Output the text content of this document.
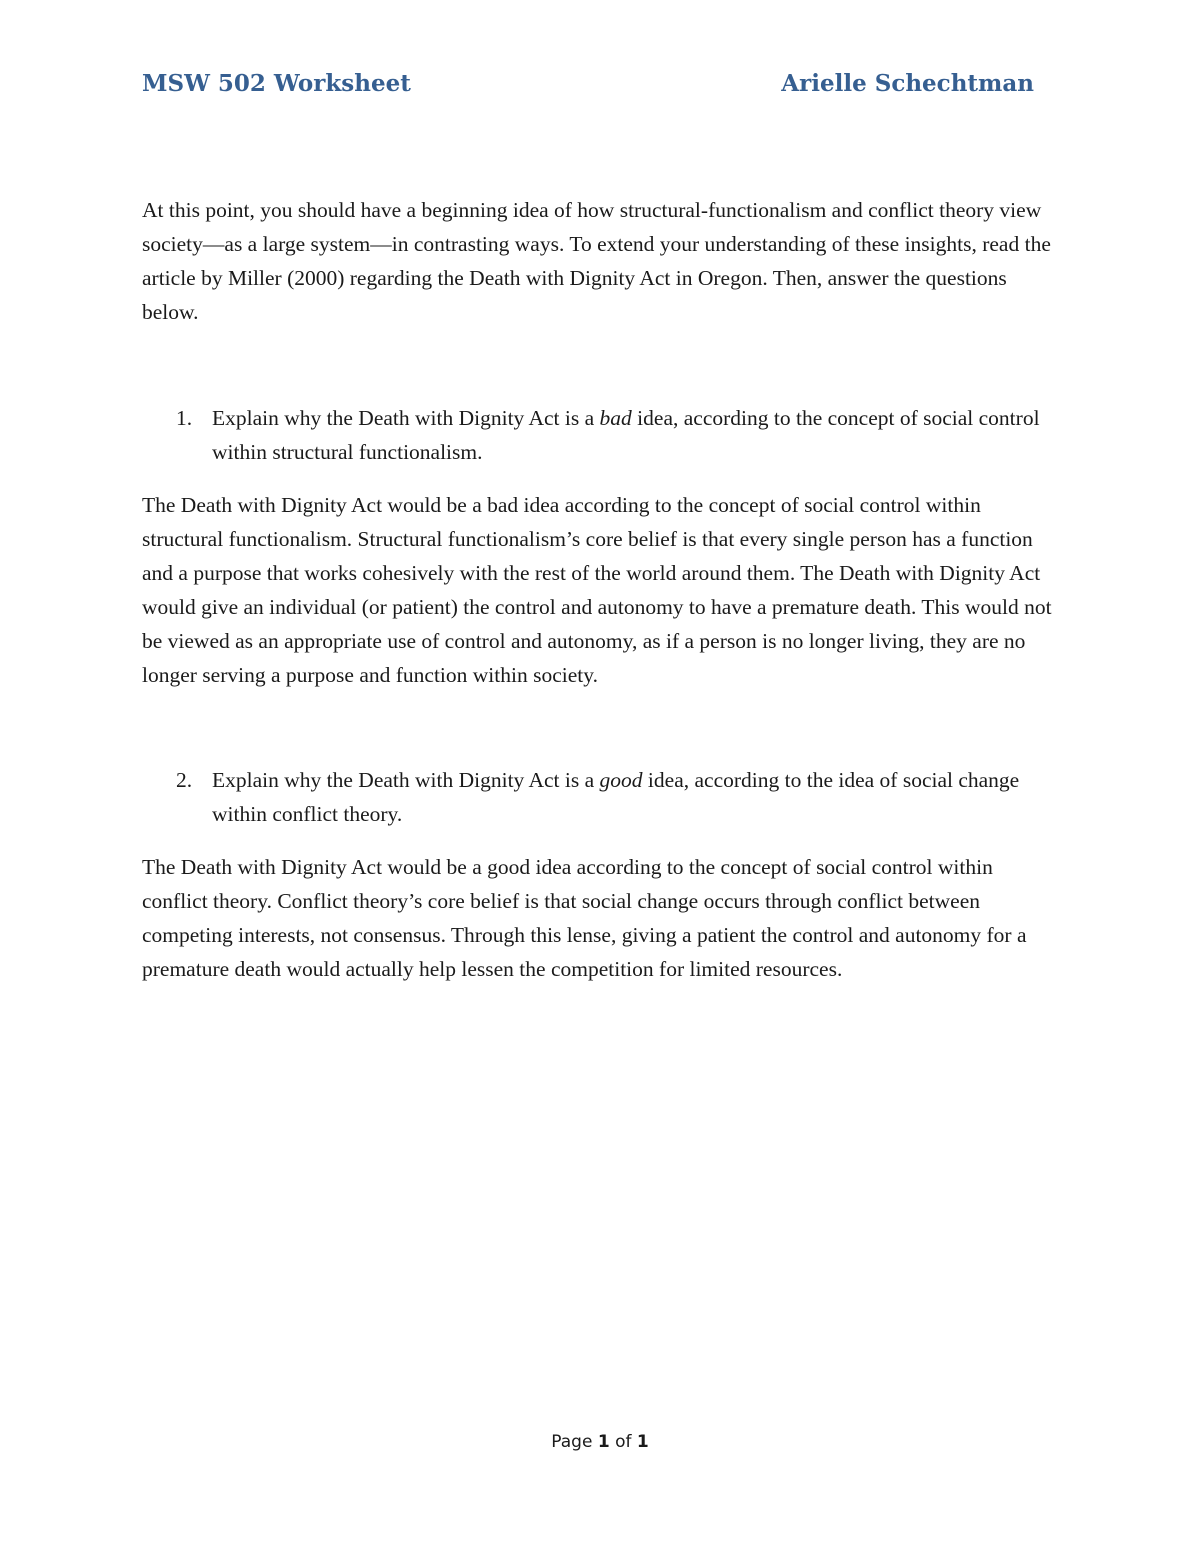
MSW 502 Worksheet	Arielle Schechtman

At this point, you should have a beginning idea of how structural-functionalism and conflict theory view society—as a large system—in contrasting ways. To extend your understanding of these insights, read the article by Miller (2000) regarding the Death with Dignity Act in Oregon. Then, answer the questions below.

1. Explain why the Death with Dignity Act is a bad idea, according to the concept of social control within structural functionalism.

The Death with Dignity Act would be a bad idea according to the concept of social control within structural functionalism. Structural functionalism’s core belief is that every single person has a function and a purpose that works cohesively with the rest of the world around them. The Death with Dignity Act would give an individual (or patient) the control and autonomy to have a premature death. This would not be viewed as an appropriate use of control and autonomy, as if a person is no longer living, they are no longer serving a purpose and function within society.

2. Explain why the Death with Dignity Act is a good idea, according to the idea of social change within conflict theory.

The Death with Dignity Act would be a good idea according to the concept of social control within conflict theory. Conflict theory’s core belief is that social change occurs through conflict between competing interests, not consensus. Through this lense, giving a patient the control and autonomy for a premature death would actually help lessen the competition for limited resources.

Page 1 of 1
